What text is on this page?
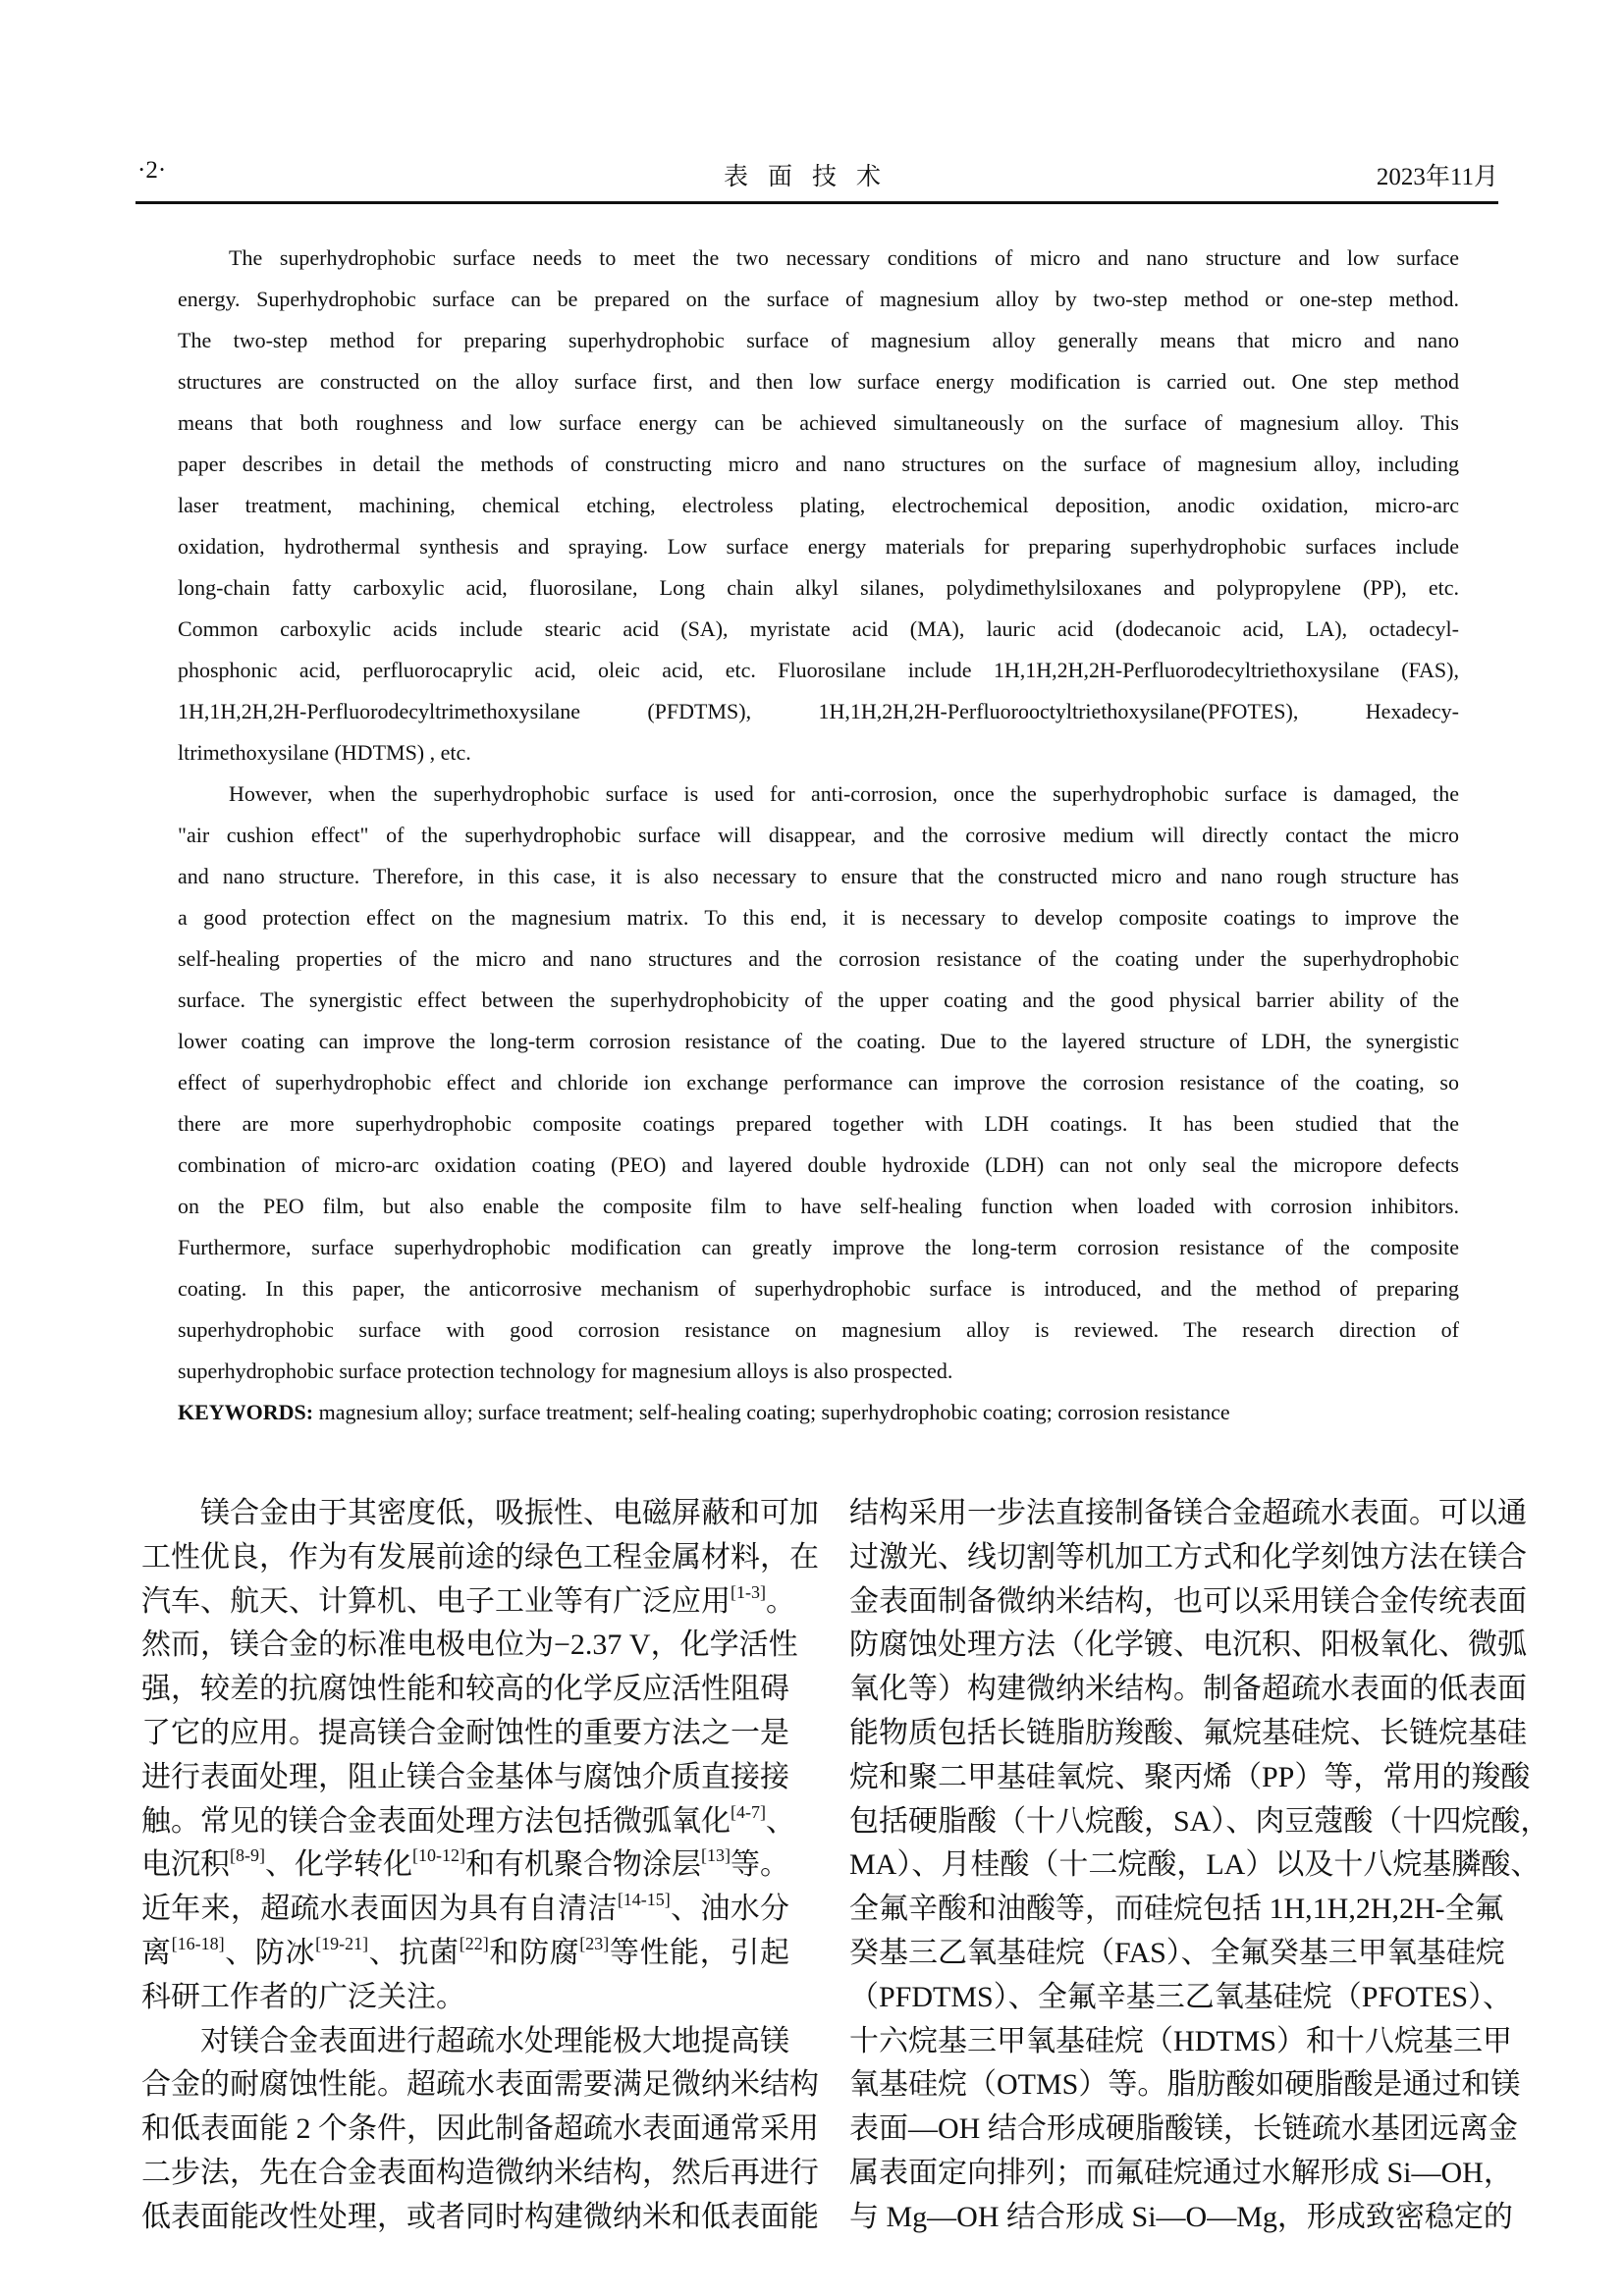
·2·	表面技术	2023年11月
The superhydrophobic surface needs to meet the two necessary conditions of micro and nano structure and low surface
energy. Superhydrophobic surface can be prepared on the surface of magnesium alloy by two-step method or one-step method.
The two-step method for preparing superhydrophobic surface of magnesium alloy generally means that micro and nano
structures are constructed on the alloy surface first, and then low surface energy modification is carried out. One step method
means that both roughness and low surface energy can be achieved simultaneously on the surface of magnesium alloy. This
paper describes in detail the methods of constructing micro and nano structures on the surface of magnesium alloy, including
laser treatment, machining, chemical etching, electroless plating, electrochemical deposition, anodic oxidation, micro-arc
oxidation, hydrothermal synthesis and spraying. Low surface energy materials for preparing superhydrophobic surfaces include
long-chain fatty carboxylic acid, fluorosilane, Long chain alkyl silanes, polydimethylsiloxanes and polypropylene (PP), etc.
Common carboxylic acids include stearic acid (SA), myristate acid (MA), lauric acid (dodecanoic acid, LA), octadecyl-
phosphonic acid, perfluorocaprylic acid, oleic acid, etc. Fluorosilane include 1H,1H,2H,2H-Perfluorodecyltriethoxysilane (FAS),
1H,1H,2H,2H-Perfluorodecyltrimethoxysilane (PFDTMS), 1H,1H,2H,2H-Perfluorooctyltriethoxysilane(PFOTES), Hexadecy-
ltrimethoxysilane (HDTMS) , etc.
However, when the superhydrophobic surface is used for anti-corrosion, once the superhydrophobic surface is damaged, the
"air cushion effect" of the superhydrophobic surface will disappear, and the corrosive medium will directly contact the micro
and nano structure. Therefore, in this case, it is also necessary to ensure that the constructed micro and nano rough structure has
a good protection effect on the magnesium matrix. To this end, it is necessary to develop composite coatings to improve the
self-healing properties of the micro and nano structures and the corrosion resistance of the coating under the superhydrophobic
surface. The synergistic effect between the superhydrophobicity of the upper coating and the good physical barrier ability of the
lower coating can improve the long-term corrosion resistance of the coating. Due to the layered structure of LDH, the synergistic
effect of superhydrophobic effect and chloride ion exchange performance can improve the corrosion resistance of the coating, so
there are more superhydrophobic composite coatings prepared together with LDH coatings. It has been studied that the
combination of micro-arc oxidation coating (PEO) and layered double hydroxide (LDH) can not only seal the micropore defects
on the PEO film, but also enable the composite film to have self-healing function when loaded with corrosion inhibitors.
Furthermore, surface superhydrophobic modification can greatly improve the long-term corrosion resistance of the composite
coating. In this paper, the anticorrosive mechanism of superhydrophobic surface is introduced, and the method of preparing
superhydrophobic surface with good corrosion resistance on magnesium alloy is reviewed. The research direction of
superhydrophobic surface protection technology for magnesium alloys is also prospected.
KEYWORDS: magnesium alloy; surface treatment; self-healing coating; superhydrophobic coating; corrosion resistance
镁合金由于其密度低，吸振性、电磁屏蔽和可加
工性优良，作为有发展前途的绿色工程金属材料，在
汽车、航天、计算机、电子工业等有广泛应用[1-3]。
然而，镁合金的标准电极电位为−2.37 V，化学活性
强，较差的抗腐蚀性能和较高的化学反应活性阻碍
了它的应用。提高镁合金耐蚀性的重要方法之一是
进行表面处理，阻止镁合金基体与腐蚀介质直接接
触。常见的镁合金表面处理方法包括微弧氧化[4-7]、
电沉积[8-9]、化学转化[10-12]和有机聚合物涂层[13]等。
近年来，超疏水表面因为具有自清洁[14-15]、油水分
离[16-18]、防冰[19-21]、抗菌[22]和防腐[23]等性能，引起
科研工作者的广泛关注。
对镁合金表面进行超疏水处理能极大地提高镁
合金的耐腐蚀性能。超疏水表面需要满足微纳米结构
和低表面能 2 个条件，因此制备超疏水表面通常采用
二步法，先在合金表面构造微纳米结构，然后再进行
低表面能改性处理，或者同时构建微纳米和低表面能
结构采用一步法直接制备镁合金超疏水表面。可以通
过激光、线切割等机加工方式和化学刻蚀方法在镁合
金表面制备微纳米结构，也可以采用镁合金传统表面
防腐蚀处理方法（化学镀、电沉积、阳极氧化、微弧
氧化等）构建微纳米结构。制备超疏水表面的低表面
能物质包括长链脂肪羧酸、氟烷基硅烷、长链烷基硅
烷和聚二甲基硅氧烷、聚丙烯（PP）等，常用的羧酸
包括硬脂酸（十八烷酸，SA）、肉豆蔻酸（十四烷酸，
MA）、月桂酸（十二烷酸，LA）以及十八烷基膦酸、
全氟辛酸和油酸等，而硅烷包括 1H,1H,2H,2H-全氟
癸基三乙氧基硅烷（FAS）、全氟癸基三甲氧基硅烷
（PFDTMS）、全氟辛基三乙氧基硅烷（PFOTES）、
十六烷基三甲氧基硅烷（HDTMS）和十八烷基三甲
氧基硅烷（OTMS）等。脂肪酸如硬脂酸是通过和镁
表面—OH 结合形成硬脂酸镁，长链疏水基团远离金
属表面定向排列；而氟硅烷通过水解形成 Si—OH，
与 Mg—OH 结合形成 Si—O—Mg，形成致密稳定的
